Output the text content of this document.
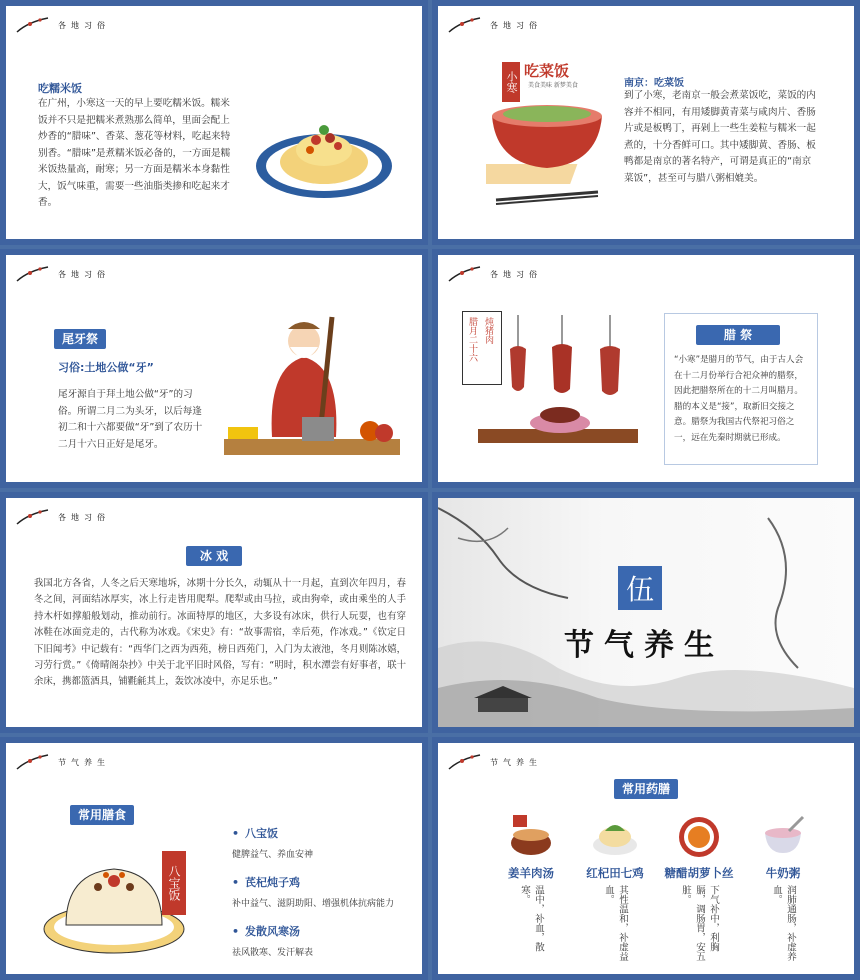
各地习俗
吃糯米饭
在广州，小寒这一天的早上要吃糯米饭。糯米饭并不只是把糯米煮熟那么简单，里面会配上炒香的“腊味”、香菜、葱花等材料，吃起来特别香。“腊味”是煮糯米饭必备的，一方面是糯米饭热量高，耐寒；另一方面是糯米本身黏性大，饭气味重，需要一些油脂类掺和吃起来才香。
各地习俗
小寒 吃菜饭
美食美味 新梦美食	南京：吃菜饭
到了小寒，老南京一般会煮菜饭吃，菜饭的内容并不相同，有用矮脚黄青菜与咸肉片、香肠片或是板鸭丁，再剁上一些生姜粒与糯米一起煮的，十分香鲜可口。其中矮脚黄、香肠、板鸭都是南京的著名特产，可谓是真正的“南京菜饭”，甚至可与腊八粥相媲美。
各地习俗
尾牙祭
习俗:土地公做“牙”
尾牙源自于拜土地公做“牙”的习俗。所谓二月二为头牙，以后每逢初二和十六都要做“牙”到了农历十二月十六日正好是尾牙。
各地习俗
腊月二十六 炖猪肉	腊 祭
“小寒”是腊月的节气，由于古人会在十二月份举行合祀众神的腊祭，因此把腊祭所在的十二月叫腊月。腊的本义是“接”，取新旧交接之意。腊祭为我国古代祭祀习俗之一，远在先秦时期就已形成。
各地习俗
冰 戏
我国北方各省，人冬之后天寒地坼，冰期十分长久，动辄从十一月起，直到次年四月，春冬之间，河面结冰厚实，冰上行走皆用爬犁。爬犁或由马拉，或由狗牵，或由乘坐的人手持木杆如撑船般划动，推动前行。冰面特厚的地区，大多设有冰床，供行人玩耍，也有穿冰鞋在冰面竞走的，古代称为冰戏。《宋史》有：“故事需宿，幸后苑，作冰戏。”《钦定日下旧闻考》中记载有：“西华门之西为西苑，榜日西苑门，入门为太液池，冬月则陈冰嬉，习劳行赏。”《倚晴阁杂抄》中关于北平旧时风俗，写有：“明时，积水潭尝有好事者，联十余床，携都篮酒具，铺氍毹其上，轰饮冰凌中，亦足乐也。”
伍
节气养生
节气养生
常用膳食
八宝饭
• 八宝饭
健脾益气、养血安神
• 芪杞炖子鸡
补中益气、滋阴助阳、增强机体抗病能力
• 发散风寒汤
祛风散寒、发汗解表
节气养生
常用药膳
姜羊肉汤
温中，补血，散寒。
红杞田七鸡
其性温和，补虚益血。
糖醋胡萝卜丝
下气补中，利胸膈，调肠胃，安五脏。
牛奶粥
润肺通肠，补虚养血。
